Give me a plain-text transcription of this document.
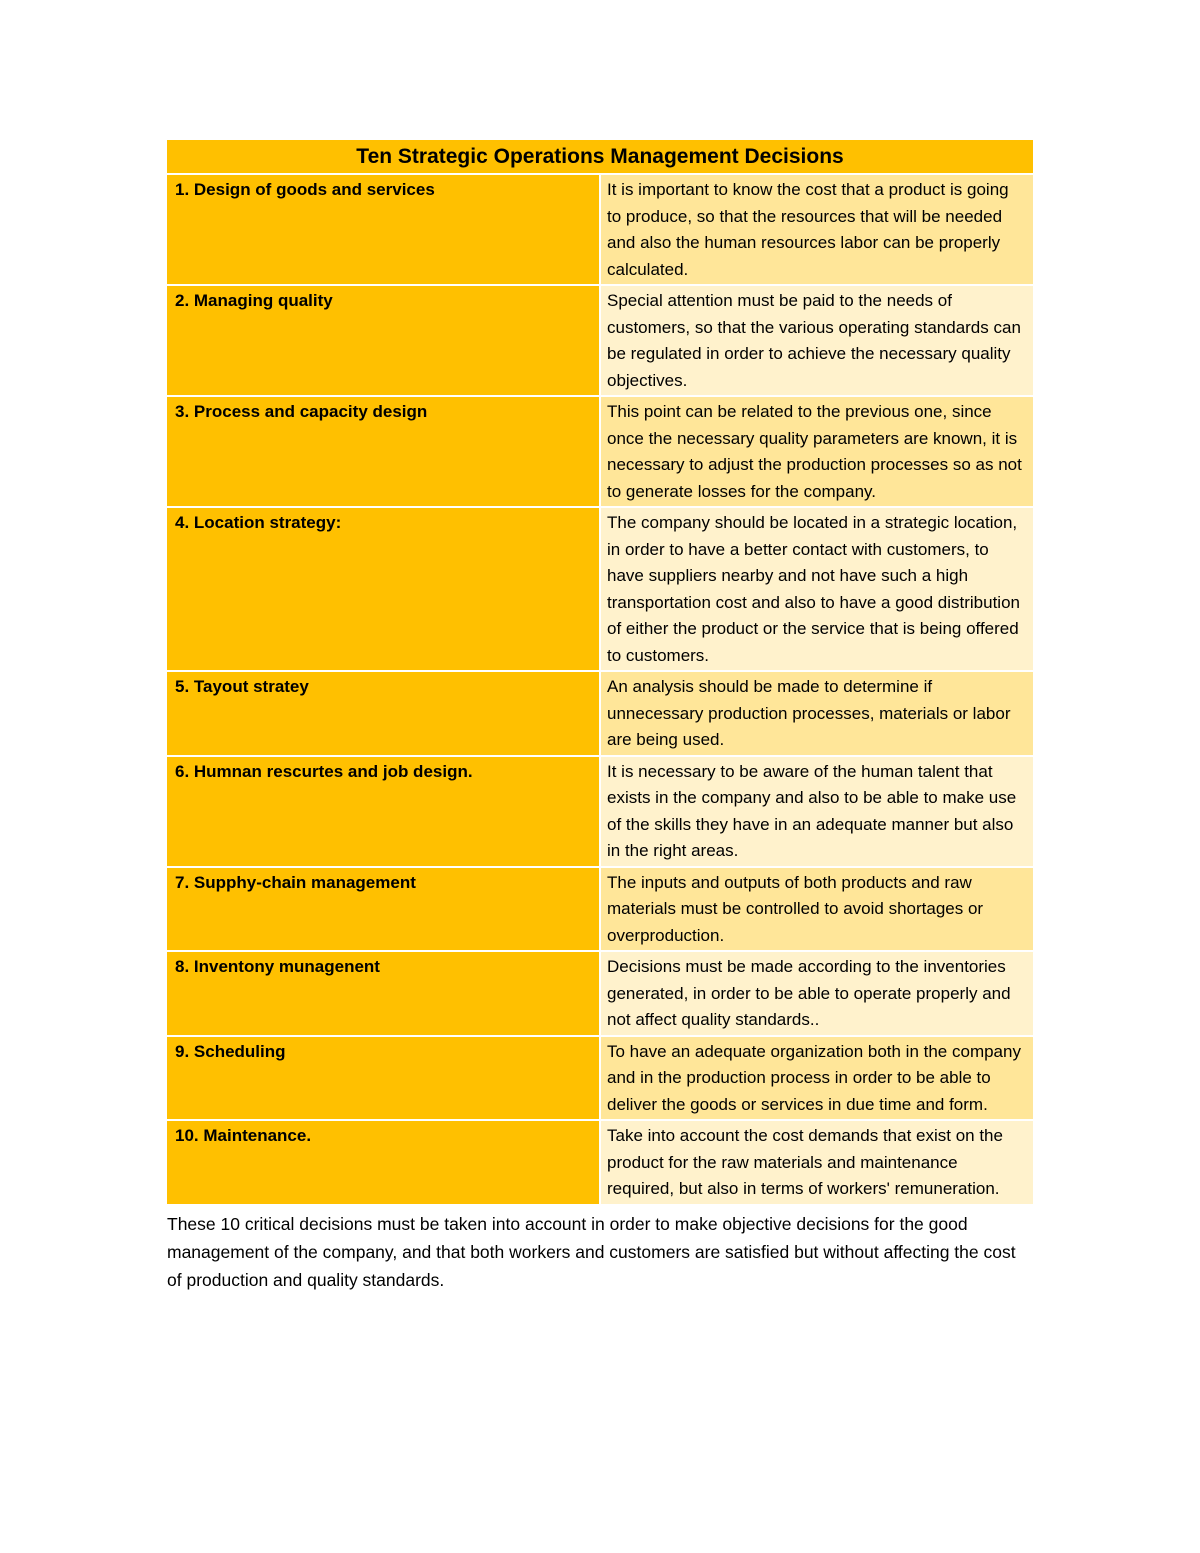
Ten Strategic Operations Management Decisions	
1. Design of goods and services	It is important to know the cost that a product is going to produce, so that the resources that will be needed and also the human resources labor can be properly calculated.
2. Managing quality	Special attention must be paid to the needs of customers, so that the various operating standards can be regulated in order to achieve the necessary quality objectives.
3. Process and capacity design	This point can be related to the previous one, since once the necessary quality parameters are known, it is necessary to adjust the production processes so as not to generate losses for the company.
4. Location strategy:	The company should be located in a strategic location, in order to have a better contact with customers, to have suppliers nearby and not have such a high transportation cost and also to have a good distribution of either the product or the service that is being offered to customers.
5. Tayout stratey	An analysis should be made to determine if unnecessary production processes, materials or labor are being used.
6. Humnan rescurtes and job design.	It is necessary to be aware of the human talent that exists in the company and also to be able to make use of the skills they have in an adequate manner but also in the right areas.
7. Supphy-chain management	The inputs and outputs of both products and raw materials must be controlled to avoid shortages or overproduction.
8. Inventony munagenent	Decisions must be made according to the inventories generated, in order to be able to operate properly and not affect quality standards..
9. Scheduling	To have an adequate organization both in the company and in the production process in order to be able to deliver the goods or services in due time and form.
10. Maintenance.	Take into account the cost demands that exist on the product for the raw materials and maintenance required, but also in terms of workers' remuneration.

These 10 critical decisions must be taken into account in order to make objective decisions for the good management of the company, and that both workers and customers are satisfied but without affecting the cost of production and quality standards.
